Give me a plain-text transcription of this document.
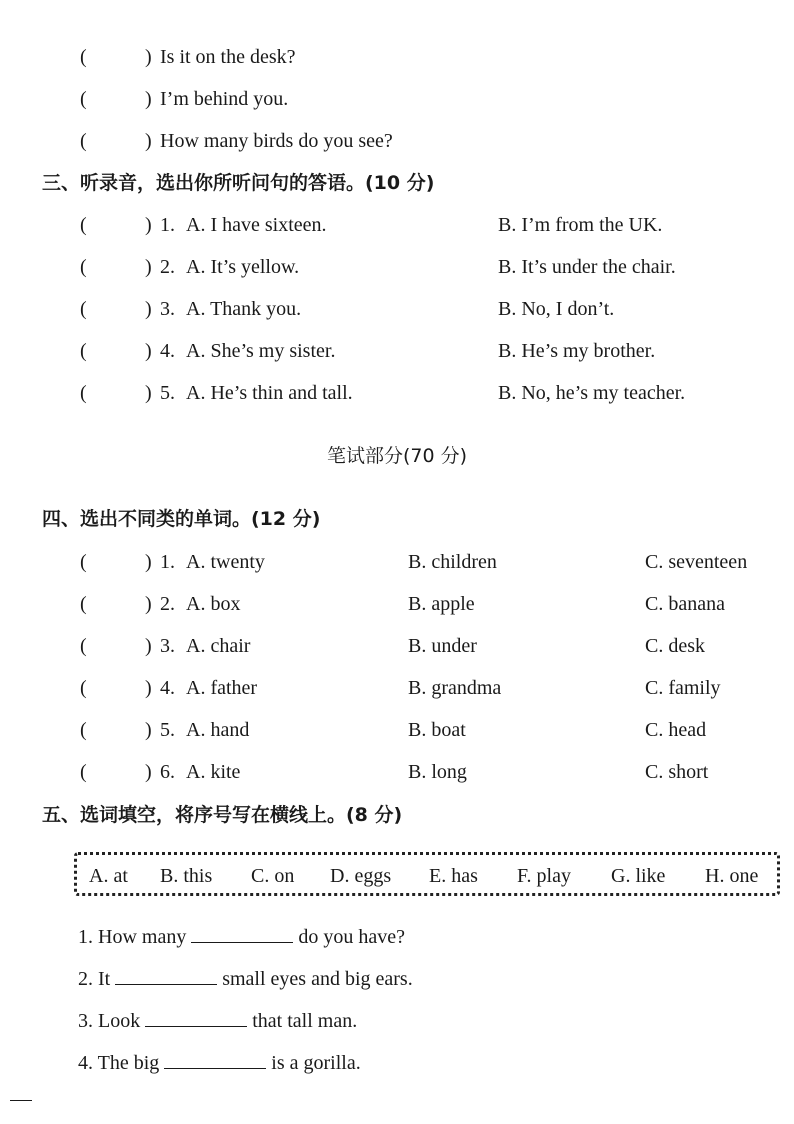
(	) Is it on the desk?
(	) I’m behind you.
(	) How many birds do you see?
三、听录音，选出你所听问句的答语。(10 分)
(	) 1. A. I have sixteen.	B. I’m from the UK.
(	) 2. A. It’s yellow.	B. It’s under the chair.
(	) 3. A. Thank you.	B. No, I don’t.
(	) 4. A. She’s my sister.	B. He’s my brother.
(	) 5. A. He’s thin and tall.	B. No, he’s my teacher.
笔试部分(70 分)
四、选出不同类的单词。(12 分)
(	) 1. A. twenty	B. children	C. seventeen
(	) 2. A. box	B. apple	C. banana
(	) 3. A. chair	B. under	C. desk
(	) 4. A. father	B. grandma	C. family
(	) 5. A. hand	B. boat	C. head
(	) 6. A. kite	B. long	C. short
五、选词填空，将序号写在横线上。(8 分)
A. at B. this C. on D. eggs E. has F. play G. like H. one
1. How many	do you have?
2. It	small eyes and big ears.
3. Look	that tall man.
4. The big	is a gorilla.
